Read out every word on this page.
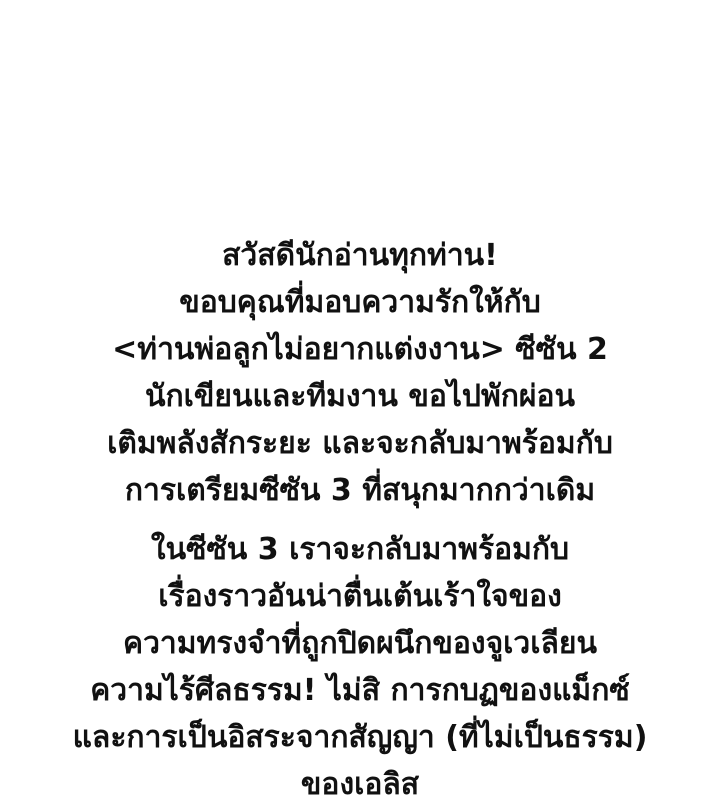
สวัสดีนักอ่านทุกท่าน!
ขอบคุณที่มอบความรักให้กับ
<ท่านพ่อลูกไม่อยากแต่งงาน> ซีซัน 2
นักเขียนและทีมงาน ขอไปพักผ่อน
เติมพลังสักระยะ และจะกลับมาพร้อมกับ
การเตรียมซีซัน 3 ที่สนุกมากกว่าเดิม
ในซีซัน 3 เราจะกลับมาพร้อมกับ
เรื่องราวอันน่าตื่นเต้นเร้าใจของ
ความทรงจำที่ถูกปิดผนึกของจูเวเลียน
ความไร้ศีลธรรม! ไม่สิ การกบฏของแม็กซ์
และการเป็นอิสระจากสัญญา (ที่ไม่เป็นธรรม)
ของเอลิส
